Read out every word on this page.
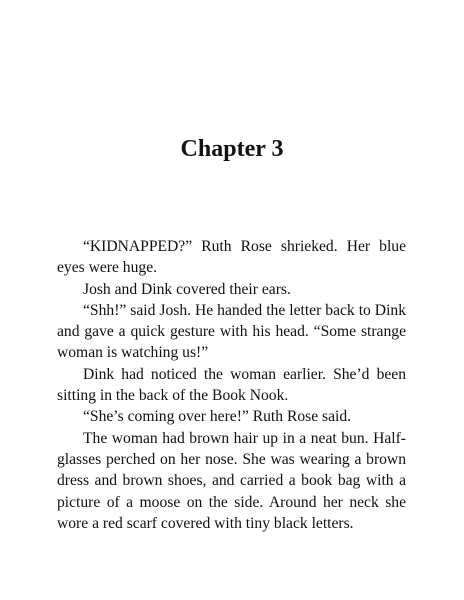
Chapter 3

“KIDNAPPED?” Ruth Rose shrieked. Her blue eyes were huge.

Josh and Dink covered their ears.

“Shh!” said Josh. He handed the letter back to Dink and gave a quick gesture with his head. “Some strange woman is watching us!”

Dink had noticed the woman earlier. She’d been sitting in the back of the Book Nook.

“She’s coming over here!” Ruth Rose said.

The woman had brown hair up in a neat bun. Half-glasses perched on her nose. She was wearing a brown dress and brown shoes, and carried a book bag with a picture of a moose on the side. Around her neck she wore a red scarf covered with tiny black letters.
